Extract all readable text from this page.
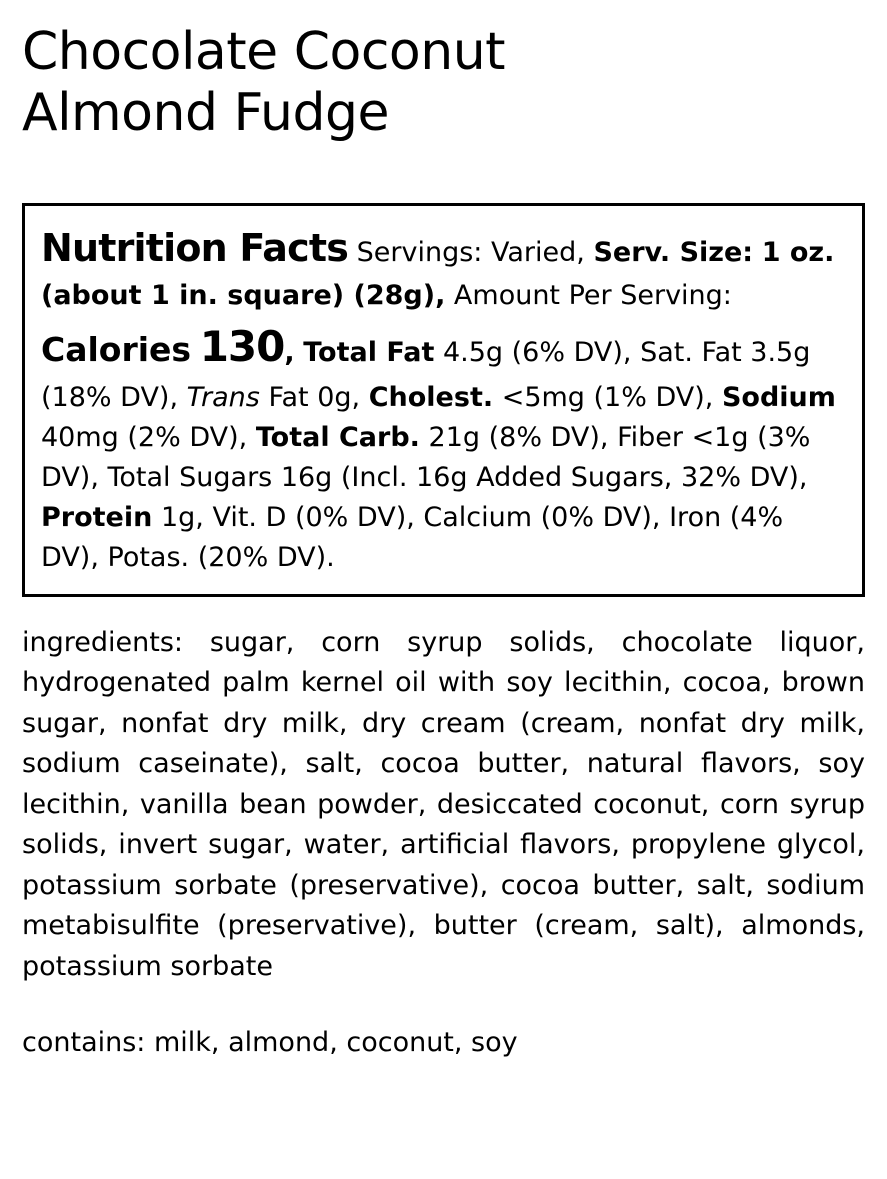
Chocolate Coconut Almond Fudge
Nutrition Facts Servings: Varied, Serv. Size: 1 oz. (about 1 in. square) (28g), Amount Per Serving: Calories 130, Total Fat 4.5g (6% DV), Sat. Fat 3.5g (18% DV), Trans Fat 0g, Cholest. <5mg (1% DV), Sodium 40mg (2% DV), Total Carb. 21g (8% DV), Fiber <1g (3% DV), Total Sugars 16g (Incl. 16g Added Sugars, 32% DV), Protein 1g, Vit. D (0% DV), Calcium (0% DV), Iron (4% DV), Potas. (20% DV).
ingredients: sugar, corn syrup solids, chocolate liquor, hydrogenated palm kernel oil with soy lecithin, cocoa, brown sugar, nonfat dry milk, dry cream (cream, nonfat dry milk, sodium caseinate), salt, cocoa butter, natural flavors, soy lecithin, vanilla bean powder, desiccated coconut, corn syrup solids, invert sugar, water, artificial flavors, propylene glycol, potassium sorbate (preservative), cocoa butter, salt, sodium metabisulfite (preservative), butter (cream, salt), almonds, potassium sorbate
contains: milk, almond, coconut, soy
